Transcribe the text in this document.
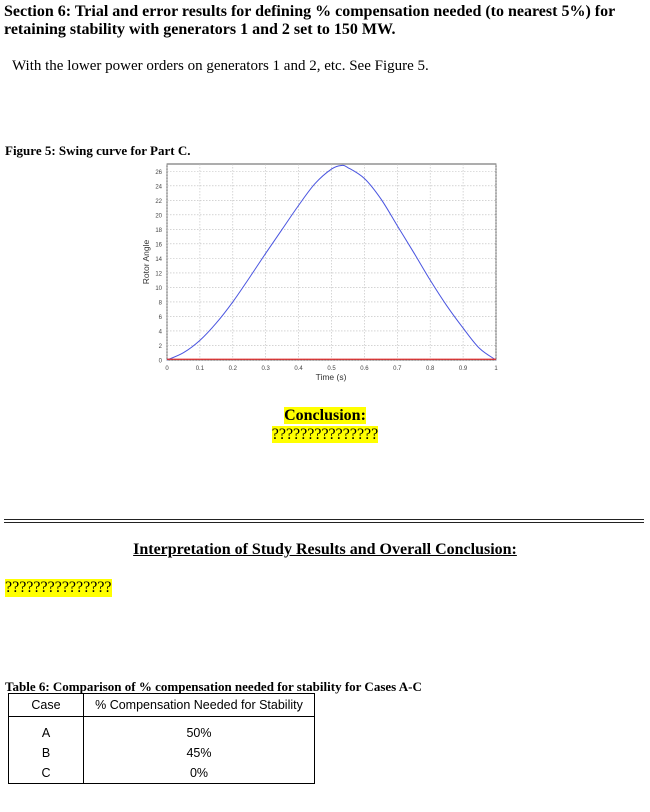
Section 6: Trial and error results for defining % compensation needed (to nearest 5%) for retaining stability with generators 1 and 2 set to 150 MW.
With the lower power orders on generators 1 and 2, etc. See Figure 5.
Figure 5: Swing curve for Part C.
0
2
4
6
8
10
12
14
16
18
20
22
24
26
0	0.1	0.2	0.3	0.4	0.5	0.6	0.7	0.8	0.9	1
Rotor Angle
Time (s)
Conclusion:
???????????????
Interpretation of Study Results and Overall Conclusion:
???????????????
Table 6: Comparison of % compensation needed for stability for Cases A-C
Case	% Compensation Needed for Stability
A	50%
B	45%
C	0%
